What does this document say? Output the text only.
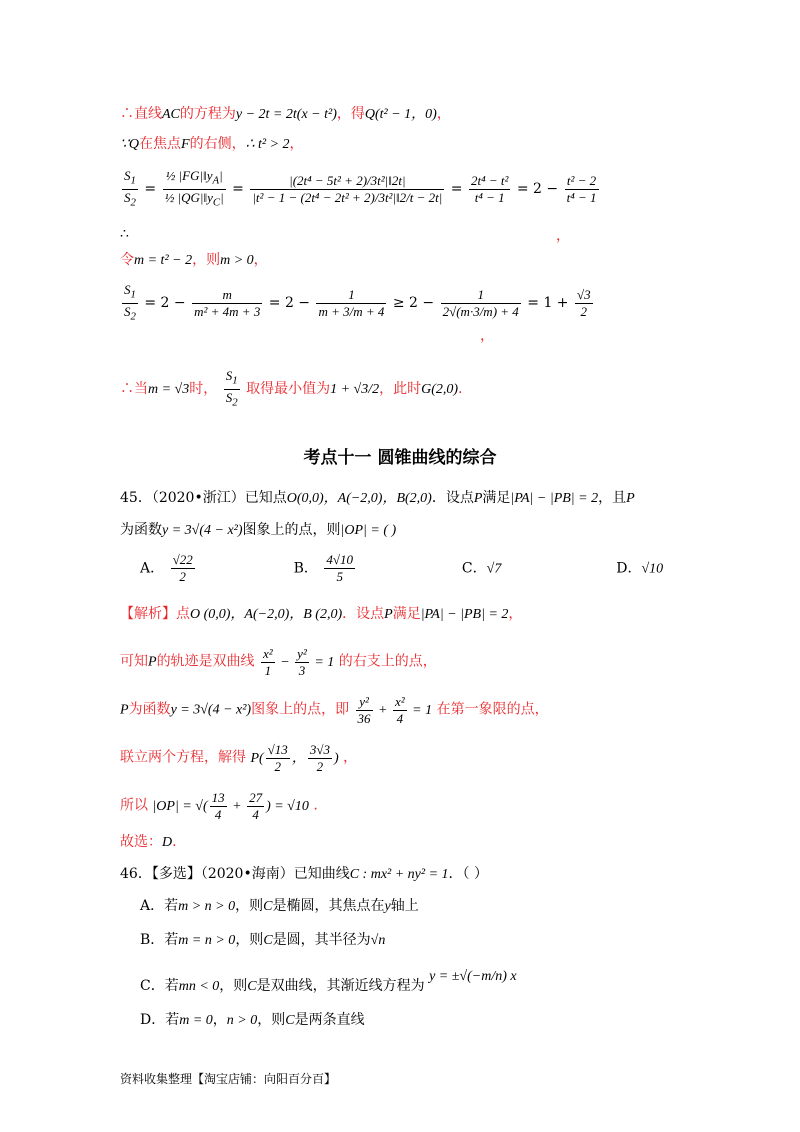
∴直线AC的方程为y − 2t = 2t(x − t²)，得Q(t² − 1，0)，
∵Q在焦点F的右侧，∴ t² > 2，
$\frac{S_1}{S_2} = \frac{\frac{1}{2} |FG|‖y_A|}{\frac{1}{2} |QG|‖y_C|} = \frac{\text{|(2t⁴ − 5t² + 2)/3t²|‖2t|}}{\text{|t² − 1 − (2t⁴ − 2t² + 2)/3t²|‖2/t − 2t|}} = \frac{\text{2t⁴ − t²}}{\text{t⁴ − 1}} = 2 - \frac{\text{t² − 2}}{\text{t⁴ − 1}}$
∴	，
令m = t² − 2，则m > 0，
$\frac{S_1}{S_2} = 2 - \frac{m}{\text{m² + 4m + 3}} = 2 - \frac{1}{m + 3/m + 4} \ge 2 - \frac{1}{2√(m\cdot 3/m) + 4} = 1 + \frac{√3}{2}$
，
∴当m = √3时， $\frac{S_1}{S_2}$ 取得最小值为1 + √3/2，此时G(2,0).
考点十一 圆锥曲线的综合
45．（2020•浙江）已知点O(0,0)，A(−2,0)，B(2,0)．设点P满足|PA| − |PB| = 2，且P
为函数y = 3√(4 − x²)图象上的点，则|OP| = ( )
A． $\frac{√22}{2}$	B． $\frac{4√10}{5}$	C．√7	D．√10
【解析】点O (0,0)，A(−2,0)，B (2,0)．设点P满足|PA| − |PB| = 2，
可知P的轨迹是双曲线 $\frac{\text{x²}}{1} - \frac{\text{y²}}{3} = 1$ 的右支上的点，
P为函数y = 3√(4 − x²)图象上的点，即 $\frac{\text{y²}}{36} + \frac{\text{x²}}{4} = 1$ 在第一象限的点，
联立两个方程，解得 $P( \frac{√13}{2}$ ， $\frac{3√3}{2}$ ) ，
所以 |OP| = √( $\frac{13}{4} + \frac{27}{4}$ ) = √10 .
故选：D.
46．【多选】（2020•海南）已知曲线C : mx² + ny² = 1．（ ）
A．若m > n > 0，则C是椭圆，其焦点在y轴上
B．若m = n > 0，则C是圆，其半径为√n
C．若mn < 0，则C是双曲线，其渐近线方程为 y = ±√(−m/n) x
D．若m = 0，n > 0，则C是两条直线
资料收集整理【淘宝店铺：向阳百分百】
